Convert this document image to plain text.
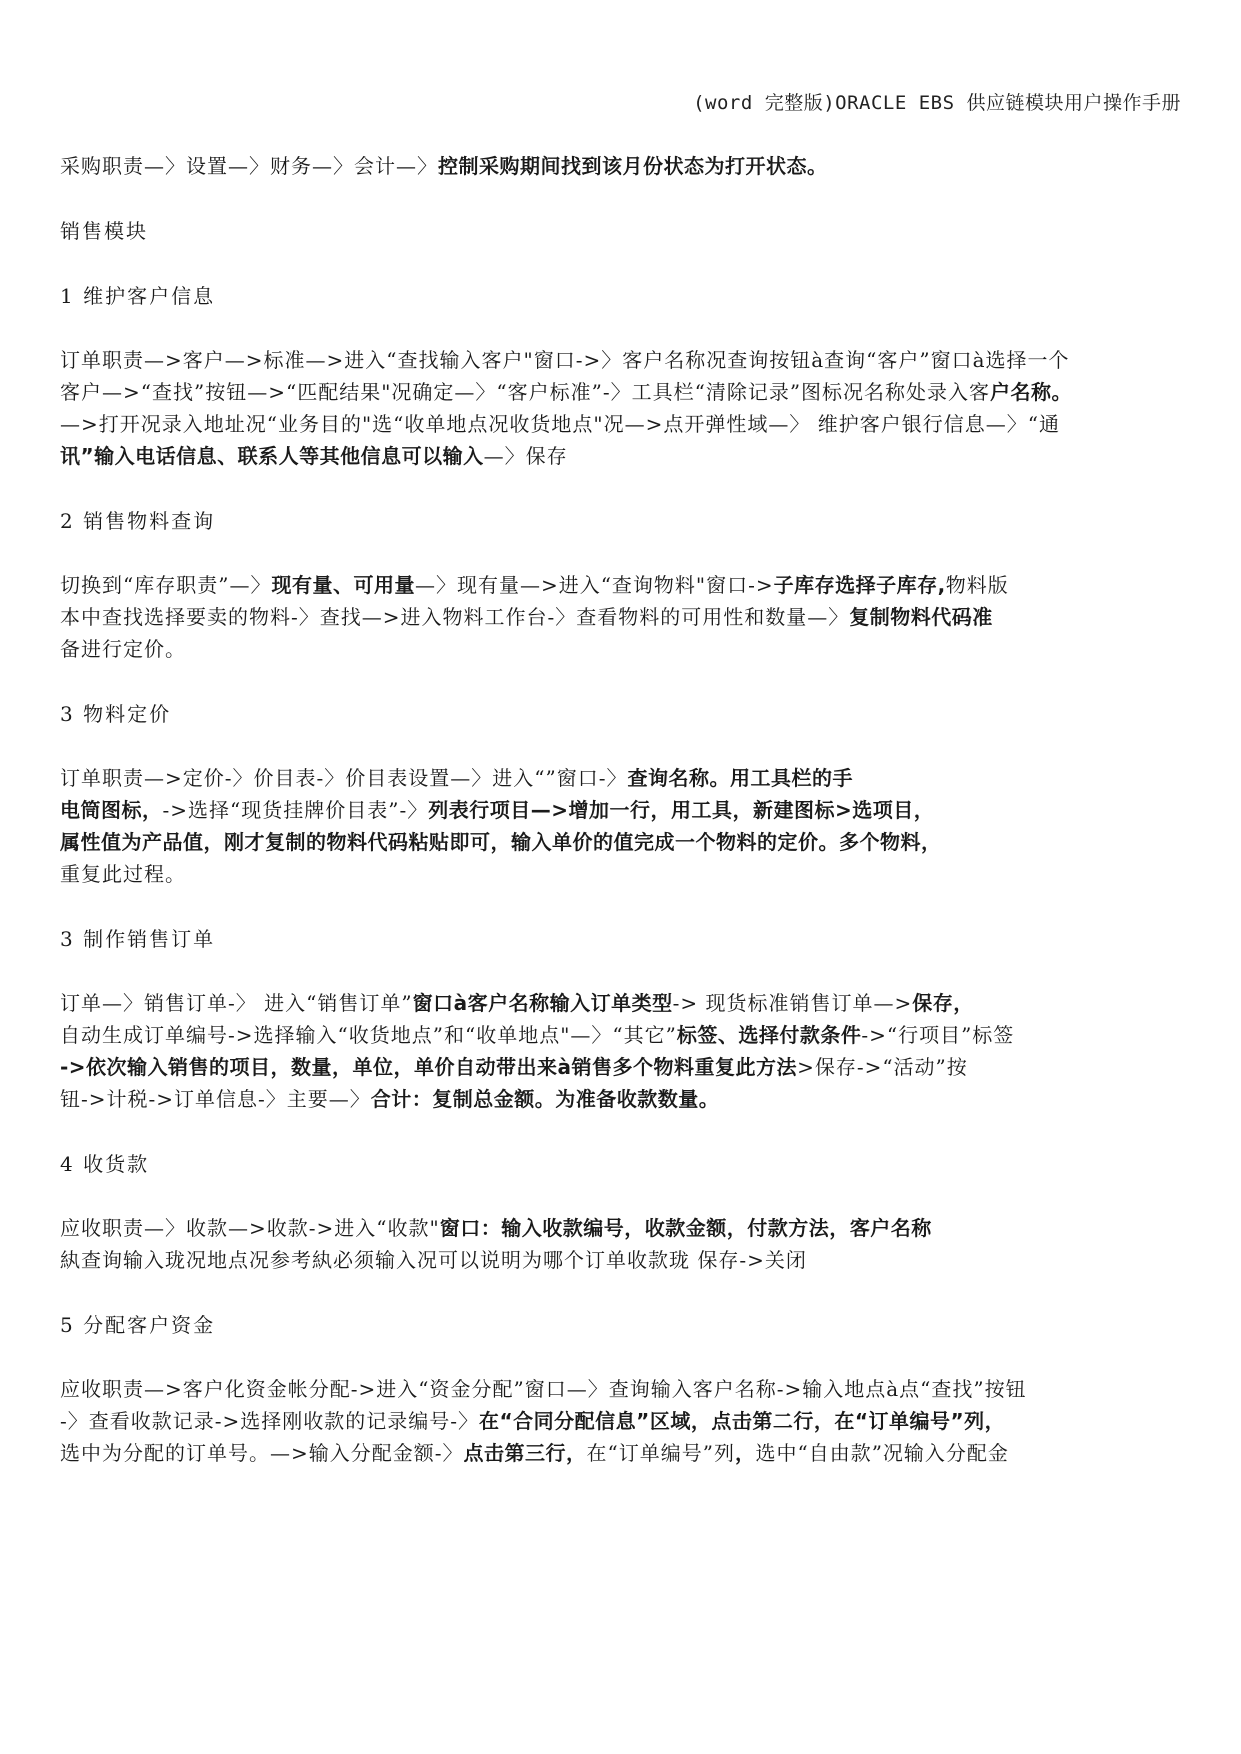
(word 完整版)ORACLE EBS 供应链模块用户操作手册

采购职责—〉设置—〉财务—〉会计—〉控制采购期间找到该月份状态为打开状态。

销售模块

1 维护客户信息

订单职责—>客户—>标准—>进入“查找输入客户"窗口->〉客户名称况查询按钮à查询“客户”窗口à选择一个
客户—>“查找”按钮—>“匹配结果"况确定—〉“客户标准”-〉工具栏“清除记录”图标况名称处录入客户名称。
—>打开况录入地址况“业务目的"选“收单地点况收货地点"况—>点开弹性域—〉 维护客户银行信息—〉“通
讯”输入电话信息、联系人等其他信息可以输入—〉保存

2 销售物料查询

切换到“库存职责”—〉现有量、可用量—〉现有量—>进入“查询物料"窗口->子库存选择子库存,物料版
本中查找选择要卖的物料-〉查找—>进入物料工作台-〉查看物料的可用性和数量—〉复制物料代码准
备进行定价。

3 物料定价

订单职责—>定价-〉价目表-〉价目表设置—〉进入“”窗口-〉查询名称。用工具栏的手
电筒图标，->选择“现货挂牌价目表”-〉列表行项目—>增加一行，用工具，新建图标>选项目，
属性值为产品值，刚才复制的物料代码粘贴即可，输入单价的值完成一个物料的定价。多个物料，
重复此过程。

3 制作销售订单

订单—〉销售订单-〉 进入“销售订单”窗口à客户名称输入订单类型-> 现货标准销售订单—>保存，
自动生成订单编号->选择输入“收货地点”和“收单地点"—〉“其它”标签、选择付款条件->“行项目”标签
->依次输入销售的项目，数量，单位，单价自动带出来à销售多个物料重复此方法>保存->“活动”按
钮->计税->订单信息-〉主要—〉合计：复制总金额。为准备收款数量。

4 收货款

应收职责—〉收款—>收款->进入“收款"窗口：输入收款编号，收款金额，付款方法，客户名称
紈查询输入珑况地点况参考紈必须输入况可以说明为哪个订单收款珑 保存->关闭

5 分配客户资金

应收职责—>客户化资金帐分配->进入“资金分配”窗口—〉查询输入客户名称->输入地点à点“查找”按钮
-〉查看收款记录->选择刚收款的记录编号-〉在“合同分配信息”区域，点击第二行，在“订单编号”列，
选中为分配的订单号。—>输入分配金额-〉点击第三行，在“订单编号”列，选中“自由款”况输入分配金
